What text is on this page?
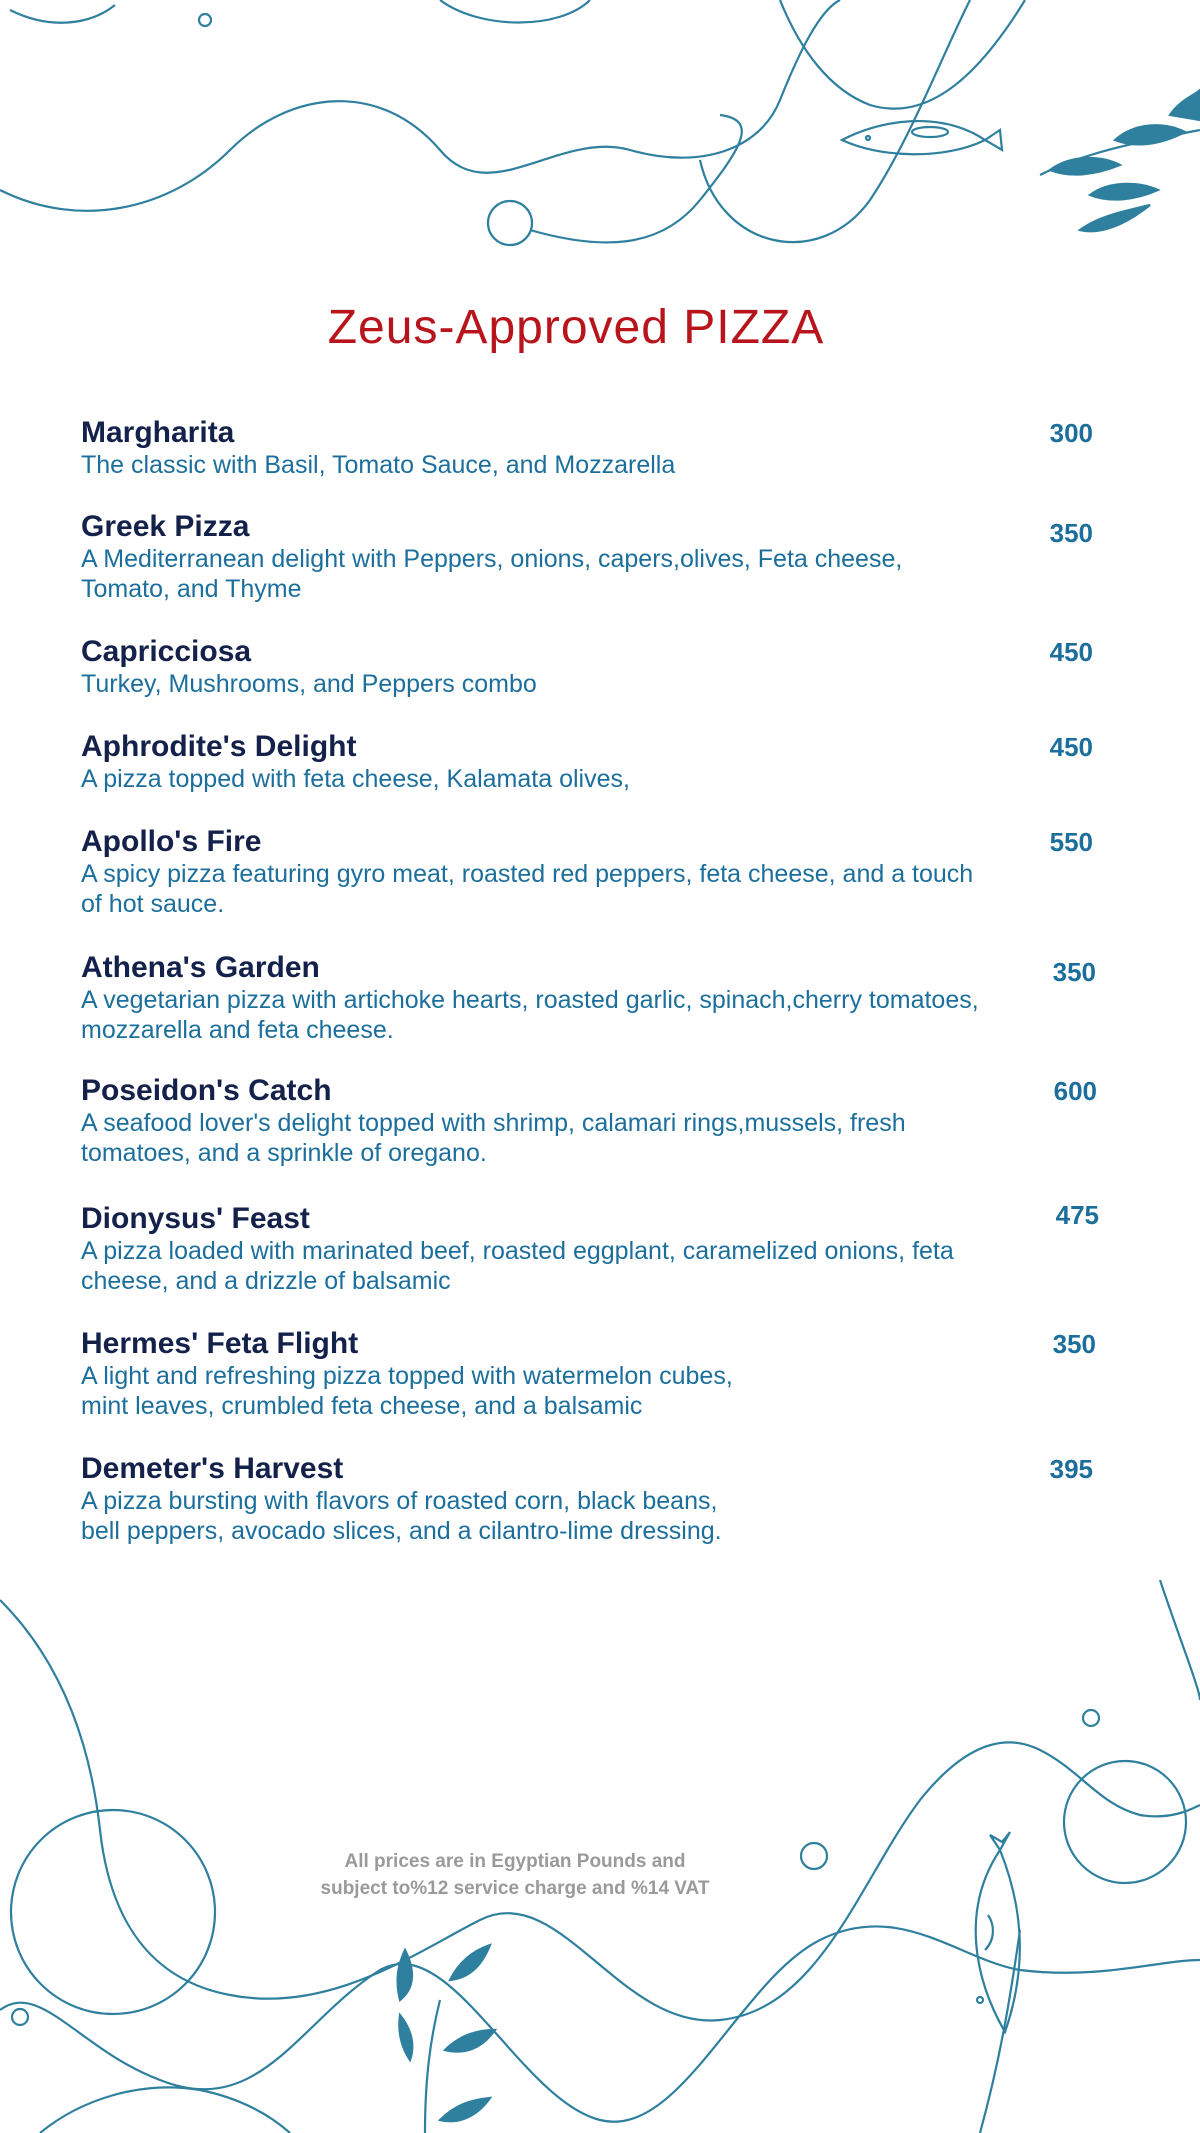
Zeus-Approved PIZZA
Margharita
The classic with Basil, Tomato Sauce, and Mozzarella
300
Greek Pizza
A Mediterranean delight with Peppers, onions, capers,olives, Feta cheese,
Tomato, and Thyme
350
Capricciosa
Turkey, Mushrooms, and Peppers combo
450
Aphrodite's Delight
A pizza topped with feta cheese, Kalamata olives,
450
Apollo's Fire
A spicy pizza featuring gyro meat, roasted red peppers, feta cheese, and a touch
of hot sauce.
550
Athena's Garden
A vegetarian pizza with artichoke hearts, roasted garlic, spinach,cherry tomatoes,
mozzarella and feta cheese.
350
Poseidon's Catch
A seafood lover's delight topped with shrimp, calamari rings,mussels, fresh
tomatoes, and a sprinkle of oregano.
600
Dionysus' Feast
A pizza loaded with marinated beef, roasted eggplant, caramelized onions, feta
cheese, and a drizzle of balsamic
475
Hermes' Feta Flight
A light and refreshing pizza topped with watermelon cubes,
mint leaves, crumbled feta cheese, and a balsamic
350
Demeter's Harvest
A pizza bursting with flavors of roasted corn, black beans,
bell peppers, avocado slices, and a cilantro-lime dressing.
395
All prices are in Egyptian Pounds and
subject to%12 service charge and %14 VAT
